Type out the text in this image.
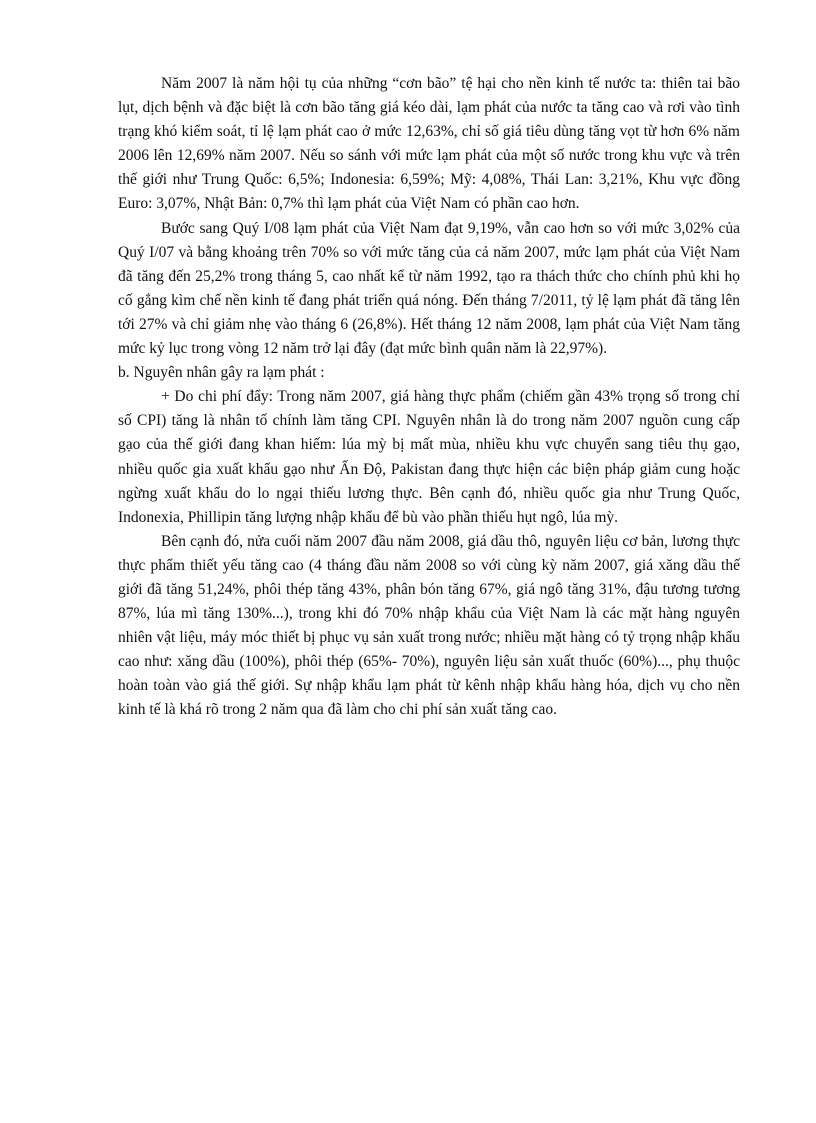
Năm 2007 là năm hội tụ của những “cơn bão” tệ hại cho nền kinh tế nước ta: thiên tai bão lụt, dịch bệnh và đặc biệt là cơn bão tăng giá kéo dài, lạm phát của nước ta tăng cao và rơi vào tình trạng khó kiểm soát, tỉ lệ lạm phát cao ở mức 12,63%, chỉ số giá tiêu dùng tăng vọt từ hơn 6% năm 2006 lên 12,69% năm 2007. Nếu so sánh với mức lạm phát của một số nước trong khu vực và trên thế giới như Trung Quốc: 6,5%; Indonesia: 6,59%; Mỹ: 4,08%, Thái Lan: 3,21%, Khu vực đồng Euro: 3,07%, Nhật Bản: 0,7% thì lạm phát của Việt Nam có phần cao hơn.

Bước sang Quý I/08 lạm phát của Việt Nam đạt 9,19%, vẫn cao hơn so với mức 3,02% của Quý I/07 và bằng khoảng trên 70% so với mức tăng của cả năm 2007, mức lạm phát của Việt Nam đã tăng đến 25,2% trong tháng 5, cao nhất kể từ năm 1992, tạo ra thách thức cho chính phủ khi họ cố gắng kìm chế nền kinh tế đang phát triển quá nóng. Đến tháng 7/2011, tỷ lệ lạm phát đã tăng lên tới 27% và chỉ giảm nhẹ vào tháng 6 (26,8%). Hết tháng 12 năm 2008, lạm phát của Việt Nam tăng mức kỷ lục trong vòng 12 năm trở lại đây (đạt mức bình quân năm là 22,97%).

b. Nguyên nhân gây ra lạm phát :

+ Do chi phí đẩy: Trong năm 2007, giá hàng thực phẩm (chiếm gần 43% trọng số trong chỉ số CPI) tăng là nhân tố chính làm tăng CPI. Nguyên nhân là do trong năm 2007 nguồn cung cấp gạo của thế giới đang khan hiếm: lúa mỳ bị mất mùa, nhiều khu vực chuyển sang tiêu thụ gạo, nhiều quốc gia xuất khẩu gạo như Ấn Độ, Pakistan đang thực hiện các biện pháp giảm cung hoặc ngừng xuất khẩu do lo ngại thiếu lương thực. Bên cạnh đó, nhiều quốc gia như Trung Quốc, Indonexia, Phillipin tăng lượng nhập khẩu để bù vào phần thiếu hụt ngô, lúa mỳ.

Bên cạnh đó, nửa cuối năm 2007 đầu năm 2008, giá dầu thô, nguyên liệu cơ bản, lương thực thực phẩm thiết yếu tăng cao (4 tháng đầu năm 2008 so với cùng kỳ năm 2007, giá xăng dầu thế giới đã tăng 51,24%, phôi thép tăng 43%, phân bón tăng 67%, giá ngô tăng 31%, đậu tương tương 87%, lúa mì tăng 130%...), trong khi đó 70% nhập khẩu của Việt Nam là các mặt hàng nguyên nhiên vật liệu, máy móc thiết bị phục vụ sản xuất trong nước; nhiều mặt hàng có tỷ trọng nhập khẩu cao như: xăng dầu (100%), phôi thép (65%- 70%), nguyên liệu sản xuất thuốc (60%)..., phụ thuộc hoàn toàn vào giá thế giới. Sự nhập khẩu lạm phát từ kênh nhập khẩu hàng hóa, dịch vụ cho nền kinh tế là khá rõ trong 2 năm qua đã làm cho chi phí sản xuất tăng cao.
